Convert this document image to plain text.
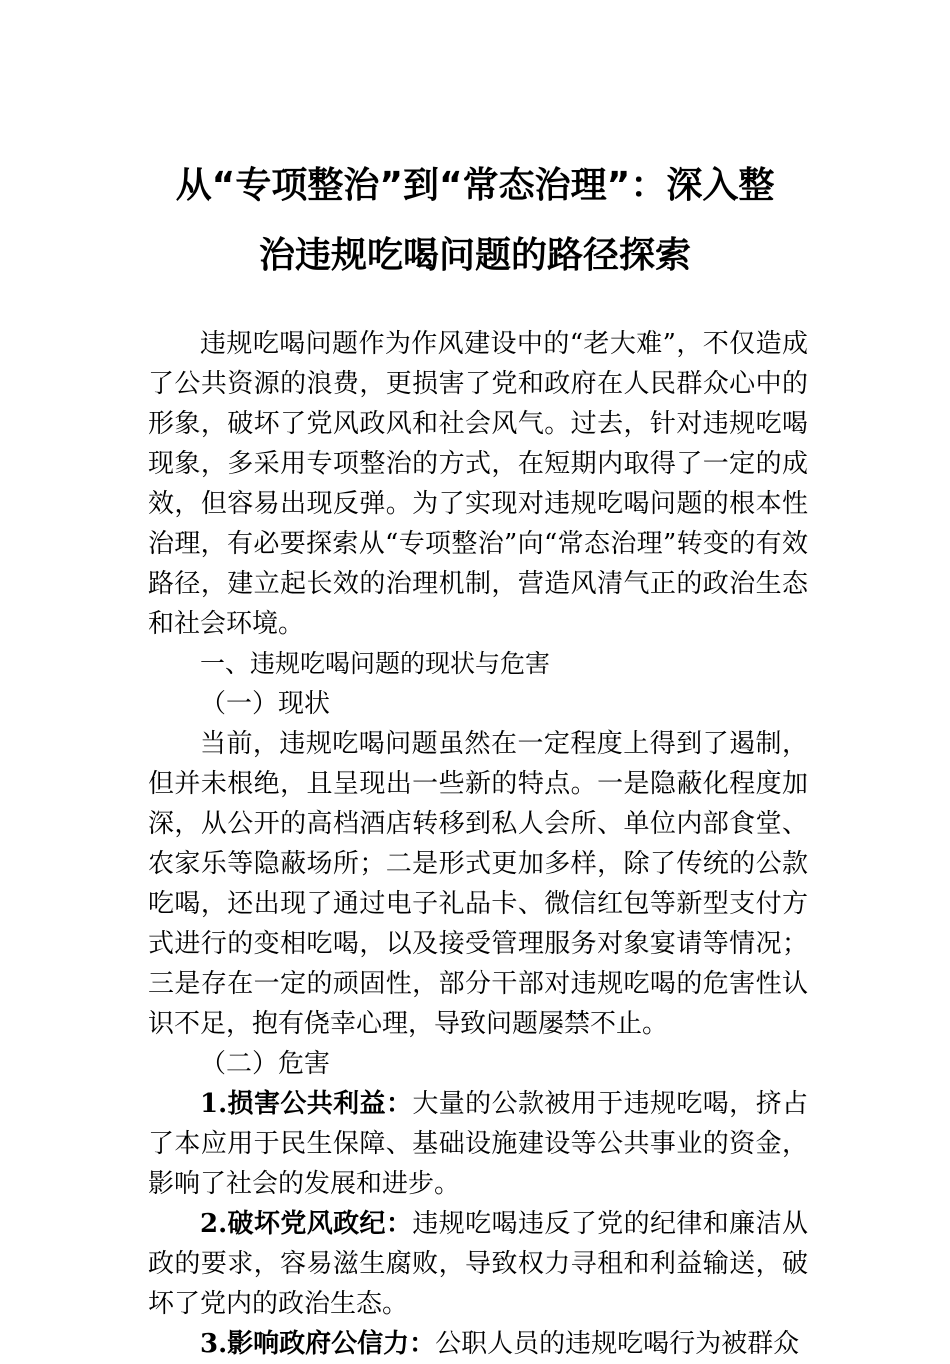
从“专项整治”到“常态治理”：深入整
治违规吃喝问题的路径探索

违规吃喝问题作为作风建设中的“老大难”，不仅造成了公共资源的浪费，更损害了党和政府在人民群众心中的形象，破坏了党风政风和社会风气。过去，针对违规吃喝现象，多采用专项整治的方式，在短期内取得了一定的成效，但容易出现反弹。为了实现对违规吃喝问题的根本性治理，有必要探索从“专项整治”向“常态治理”转变的有效路径，建立起长效的治理机制，营造风清气正的政治生态和社会环境。

一、违规吃喝问题的现状与危害

（一）现状

当前，违规吃喝问题虽然在一定程度上得到了遏制，但并未根绝，且呈现出一些新的特点。一是隐蔽化程度加深，从公开的高档酒店转移到私人会所、单位内部食堂、农家乐等隐蔽场所；二是形式更加多样，除了传统的公款吃喝，还出现了通过电子礼品卡、微信红包等新型支付方式进行的变相吃喝，以及接受管理服务对象宴请等情况；三是存在一定的顽固性，部分干部对违规吃喝的危害性认识不足，抱有侥幸心理，导致问题屡禁不止。

（二）危害

1.损害公共利益：大量的公款被用于违规吃喝，挤占了本应用于民生保障、基础设施建设等公共事业的资金，影响了社会的发展和进步。

2.破坏党风政纪：违规吃喝违反了党的纪律和廉洁从政的要求，容易滋生腐败，导致权力寻租和利益输送，破坏了党内的政治生态。

3.影响政府公信力：公职人员的违规吃喝行为被群众
